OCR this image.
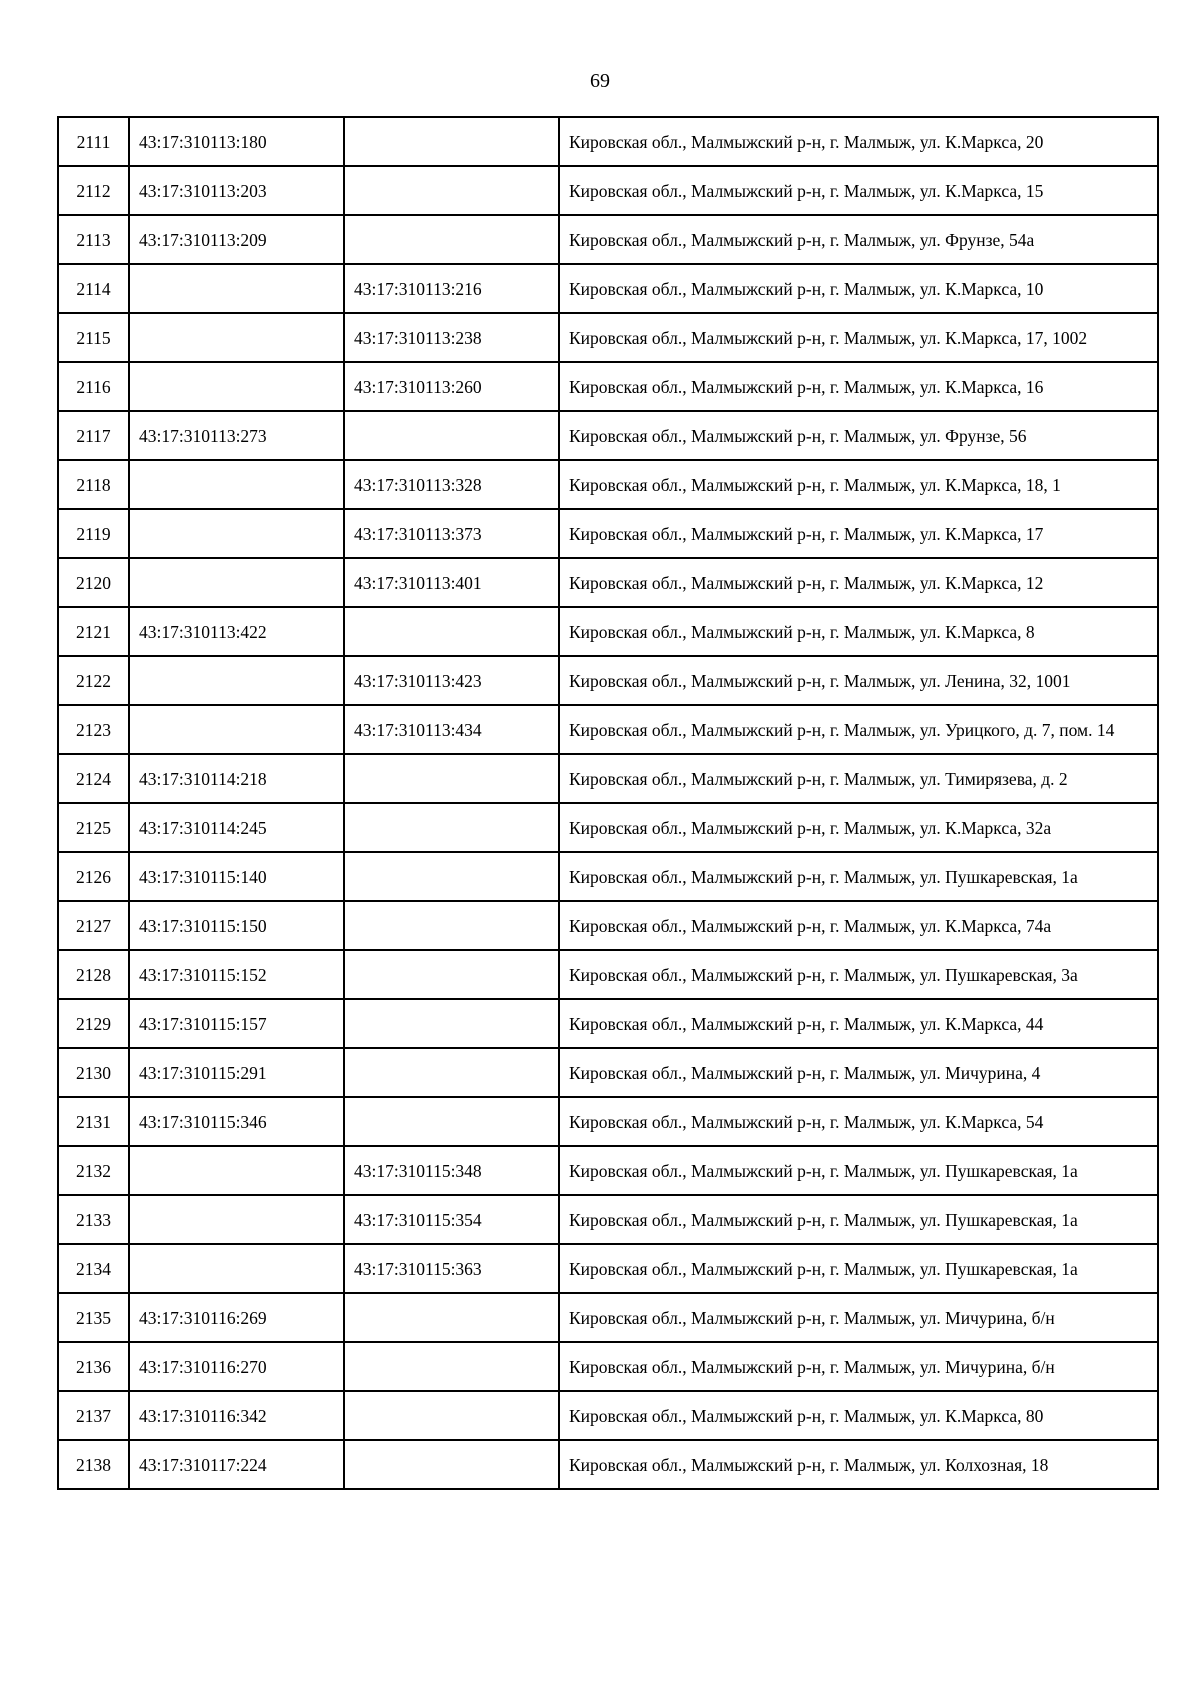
69
2111	43:17:310113:180		Кировская обл., Малмыжский р-н, г. Малмыж, ул. К.Маркса, 20
2112	43:17:310113:203		Кировская обл., Малмыжский р-н, г. Малмыж, ул. К.Маркса, 15
2113	43:17:310113:209		Кировская обл., Малмыжский р-н, г. Малмыж, ул. Фрунзе, 54а
2114		43:17:310113:216	Кировская обл., Малмыжский р-н, г. Малмыж, ул. К.Маркса, 10
2115		43:17:310113:238	Кировская обл., Малмыжский р-н, г. Малмыж, ул. К.Маркса, 17, 1002
2116		43:17:310113:260	Кировская обл., Малмыжский р-н, г. Малмыж, ул. К.Маркса, 16
2117	43:17:310113:273		Кировская обл., Малмыжский р-н, г. Малмыж, ул. Фрунзе, 56
2118		43:17:310113:328	Кировская обл., Малмыжский р-н, г. Малмыж, ул. К.Маркса, 18, 1
2119		43:17:310113:373	Кировская обл., Малмыжский р-н, г. Малмыж, ул. К.Маркса, 17
2120		43:17:310113:401	Кировская обл., Малмыжский р-н, г. Малмыж, ул. К.Маркса, 12
2121	43:17:310113:422		Кировская обл., Малмыжский р-н, г. Малмыж, ул. К.Маркса, 8
2122		43:17:310113:423	Кировская обл., Малмыжский р-н, г. Малмыж, ул. Ленина, 32, 1001
2123		43:17:310113:434	Кировская обл., Малмыжский р-н, г. Малмыж, ул. Урицкого, д. 7, пом. 14
2124	43:17:310114:218		Кировская обл., Малмыжский р-н, г. Малмыж, ул. Тимирязева, д. 2
2125	43:17:310114:245		Кировская обл., Малмыжский р-н, г. Малмыж, ул. К.Маркса, 32а
2126	43:17:310115:140		Кировская обл., Малмыжский р-н, г. Малмыж, ул. Пушкаревская, 1а
2127	43:17:310115:150		Кировская обл., Малмыжский р-н, г. Малмыж, ул. К.Маркса, 74а
2128	43:17:310115:152		Кировская обл., Малмыжский р-н, г. Малмыж, ул. Пушкаревская, 3а
2129	43:17:310115:157		Кировская обл., Малмыжский р-н, г. Малмыж, ул. К.Маркса, 44
2130	43:17:310115:291		Кировская обл., Малмыжский р-н, г. Малмыж, ул. Мичурина, 4
2131	43:17:310115:346		Кировская обл., Малмыжский р-н, г. Малмыж, ул. К.Маркса, 54
2132		43:17:310115:348	Кировская обл., Малмыжский р-н, г. Малмыж, ул. Пушкаревская, 1а
2133		43:17:310115:354	Кировская обл., Малмыжский р-н, г. Малмыж, ул. Пушкаревская, 1а
2134		43:17:310115:363	Кировская обл., Малмыжский р-н, г. Малмыж, ул. Пушкаревская, 1а
2135	43:17:310116:269		Кировская обл., Малмыжский р-н, г. Малмыж, ул. Мичурина, б/н
2136	43:17:310116:270		Кировская обл., Малмыжский р-н, г. Малмыж, ул. Мичурина, б/н
2137	43:17:310116:342		Кировская обл., Малмыжский р-н, г. Малмыж, ул. К.Маркса, 80
2138	43:17:310117:224		Кировская обл., Малмыжский р-н, г. Малмыж, ул. Колхозная, 18
